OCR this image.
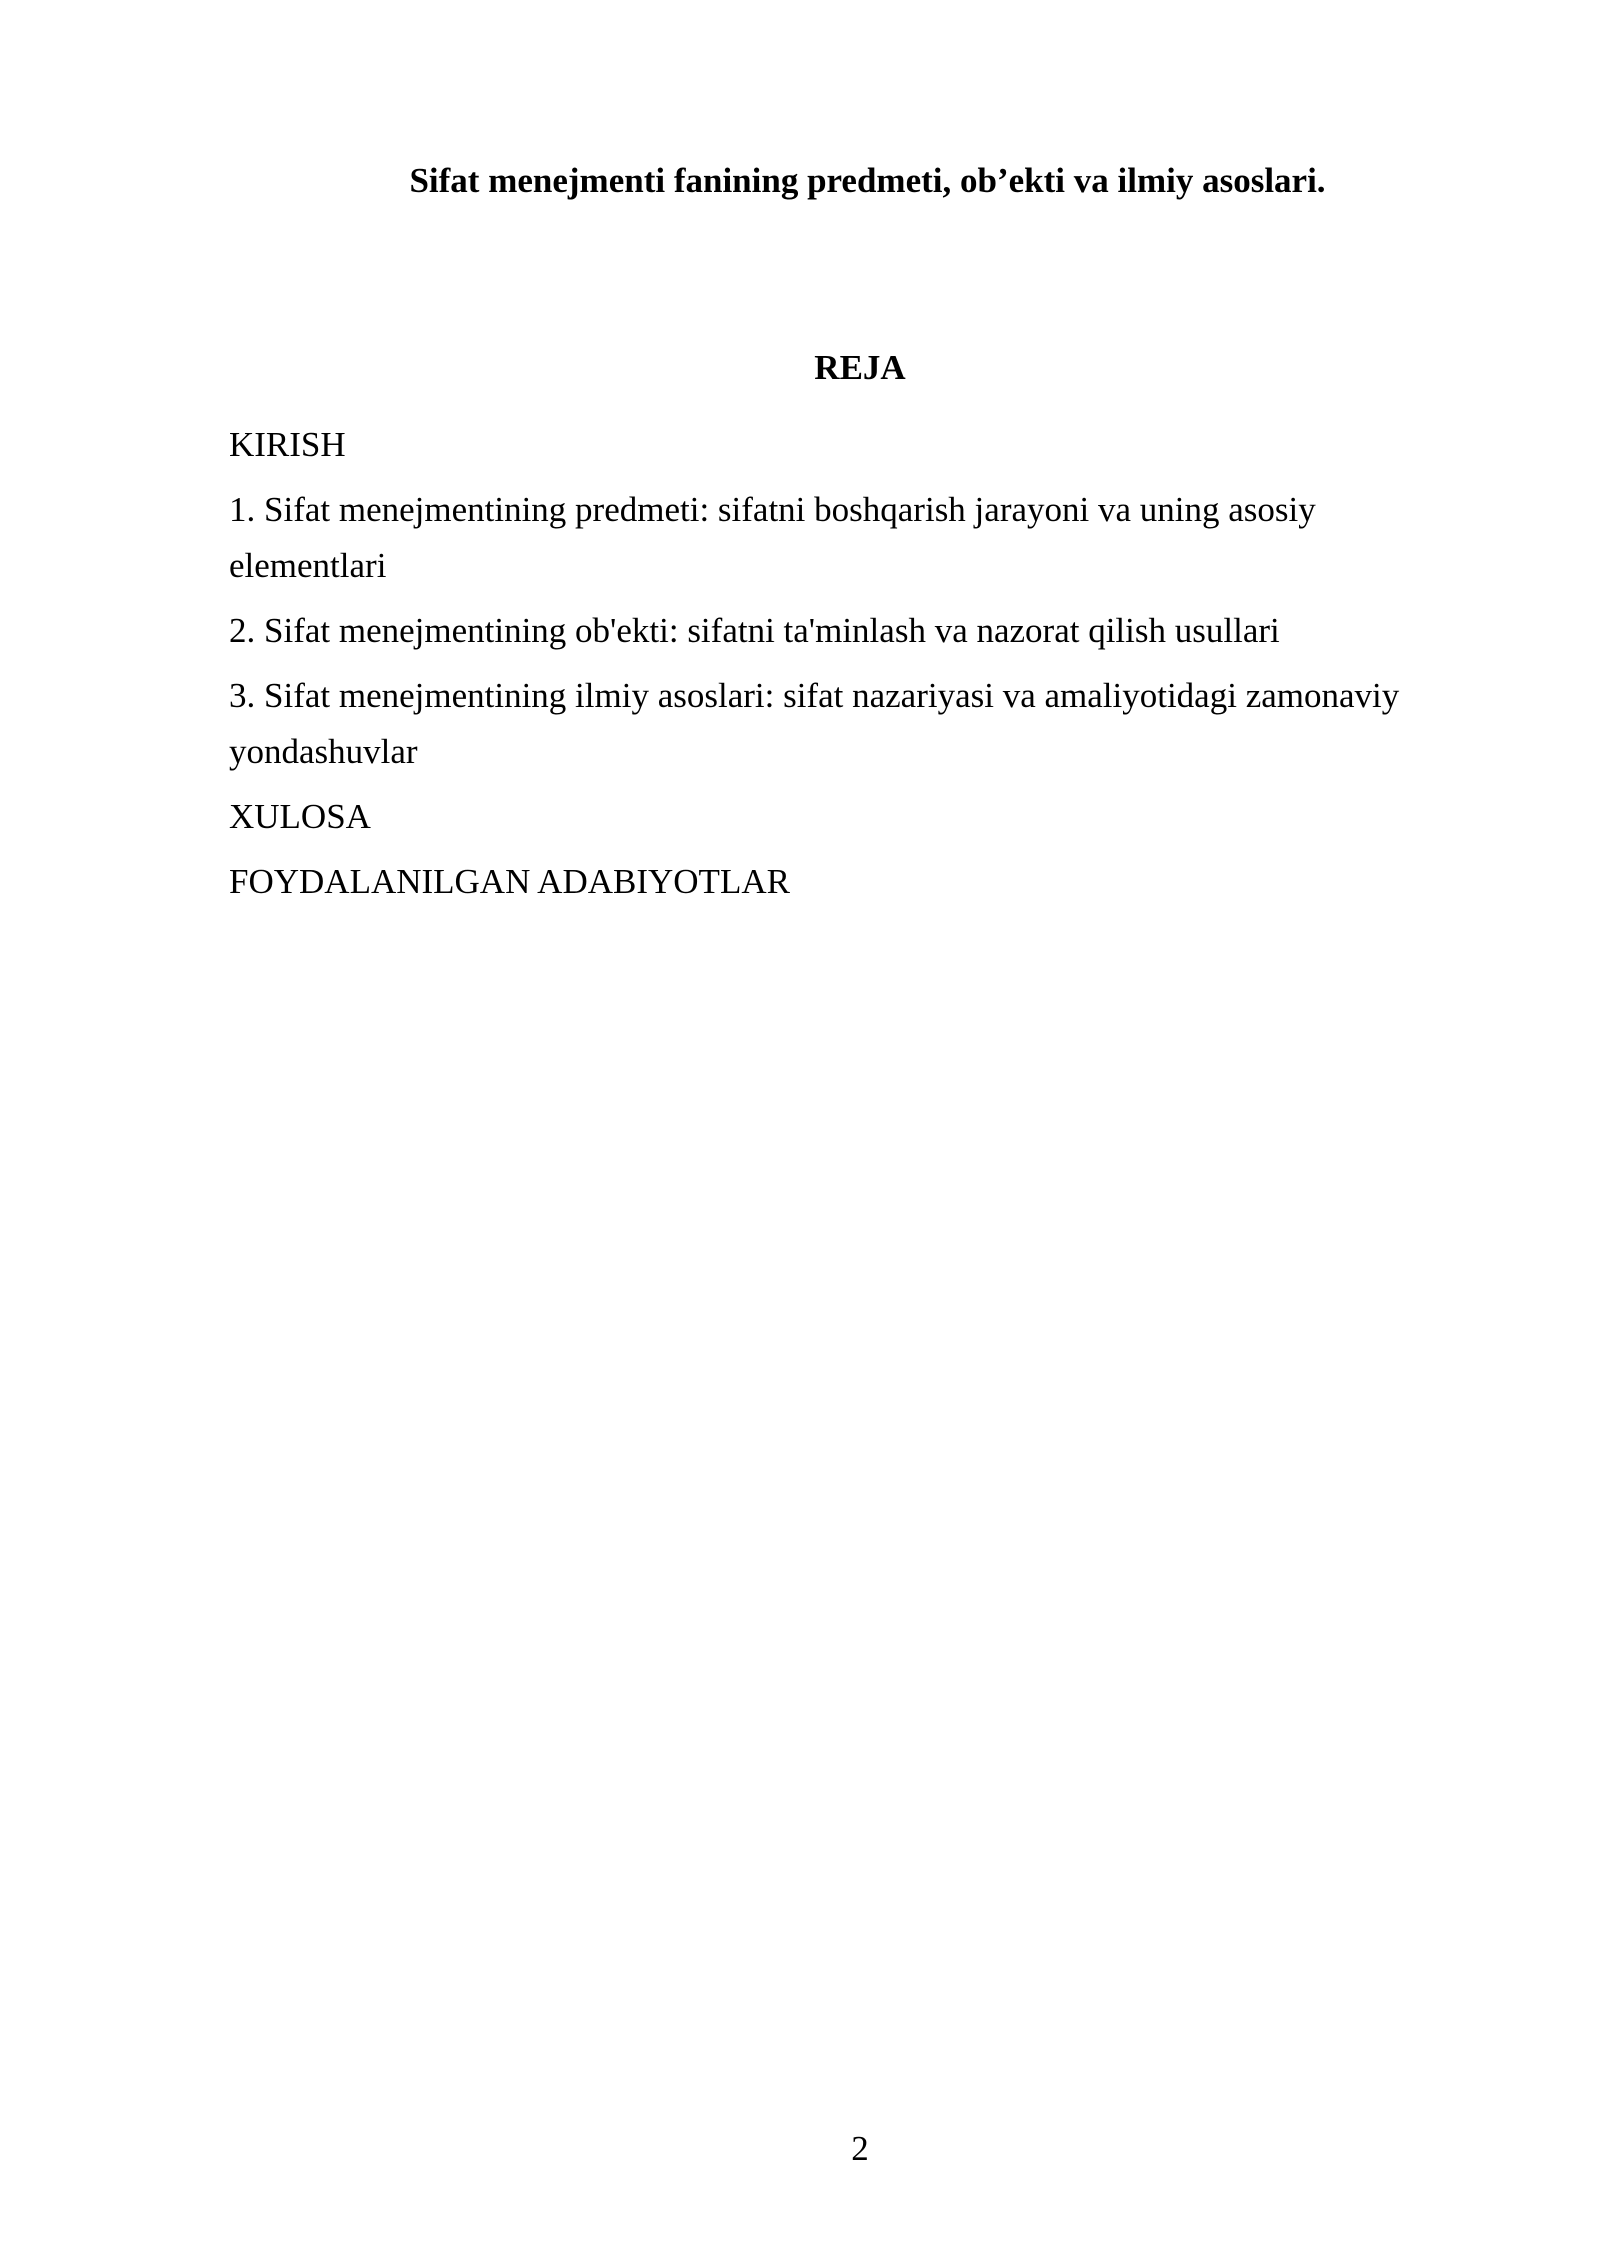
Sifat menejmenti fanining predmeti, ob’ekti va ilmiy asoslari.
REJA
KIRISH
1. Sifat menejmentining predmeti: sifatni boshqarish jarayoni va uning asosiy elementlari
2. Sifat menejmentining ob'ekti: sifatni ta'minlash va nazorat qilish usullari
3. Sifat menejmentining ilmiy asoslari: sifat nazariyasi va amaliyotidagi zamonaviy yondashuvlar
XULOSA
FOYDALANILGAN ADABIYOTLAR
2
